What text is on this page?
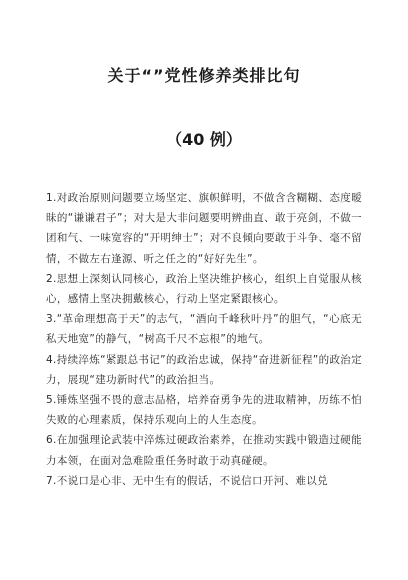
关于“”党性修养类排比句
（40 例）

1.对政治原则问题要立场坚定、旗帜鲜明，不做含含糊糊、态度暧昧的“谦谦君子”；对大是大非问题要明辨曲直、敢于亮剑，不做一团和气、一味宽容的“开明绅士”；对不良倾向要敢于斗争、毫不留情，不做左右逢源、听之任之的“好好先生”。

2.思想上深刻认同核心，政治上坚决维护核心，组织上自觉服从核心，感情上坚决拥戴核心，行动上坚定紧跟核心。

3.“革命理想高于天”的志气，“酒向千峰秋叶丹”的胆气，“心底无私天地宽”的静气，“树高千尺不忘根”的地气。

4.持续淬炼“紧跟总书记”的政治忠诚，保持“奋进新征程”的政治定力，展现“建功新时代”的政治担当。

5.锤炼坚强不畏的意志品格，培养奋勇争先的进取精神，历练不怕失败的心理素质，保持乐观向上的人生态度。

6.在加强理论武装中淬炼过硬政治素养，在推动实践中锻造过硬能力本领，在面对急难险重任务时敢于动真碰硬。

7.不说口是心非、无中生有的假话，不说信口开河、难以兑
